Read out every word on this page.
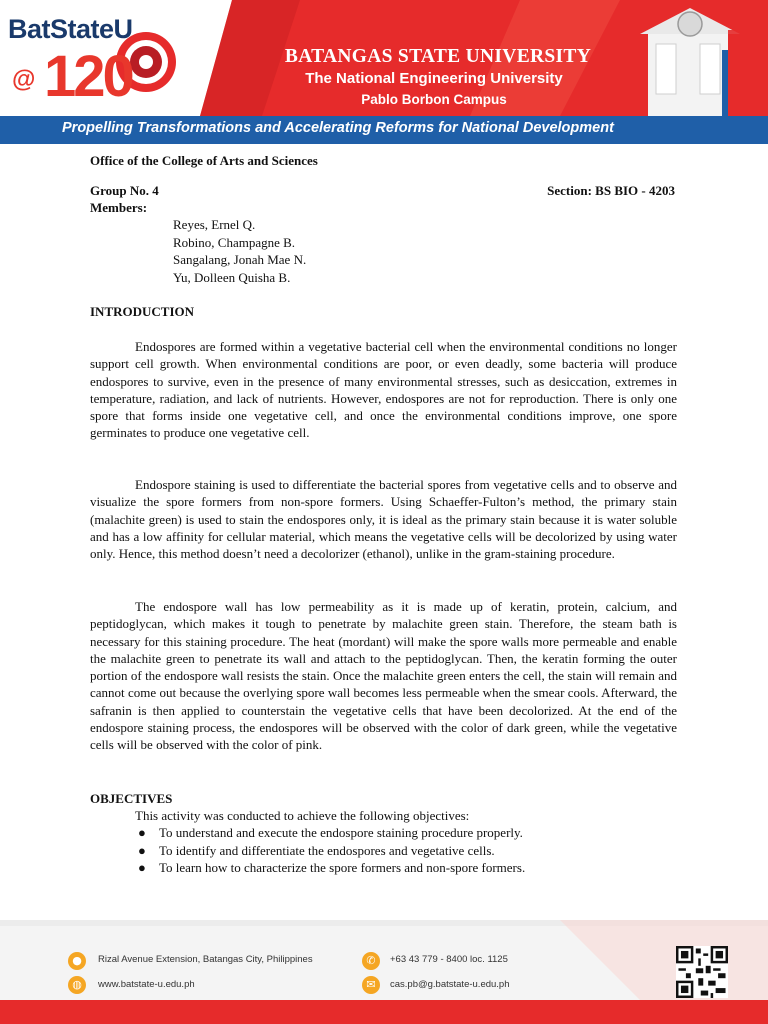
BatStateU
@ 120	BATANGAS STATE UNIVERSITY
The National Engineering University
Pablo Borbon Campus
Propelling Transformations and Accelerating Reforms for National Development
Office of the College of Arts and Sciences
Group No. 4	Section: BS BIO - 4203
Members:
Reyes, Ernel Q.
Robino, Champagne B.
Sangalang, Jonah Mae N.
Yu, Dolleen Quisha B.
INTRODUCTION

Endospores are formed within a vegetative bacterial cell when the environmental conditions no longer support cell growth. When environmental conditions are poor, or even deadly, some bacteria will produce endospores to survive, even in the presence of many environmental stresses, such as desiccation, extremes in temperature, radiation, and lack of nutrients. However, endospores are not for reproduction. There is only one spore that forms inside one vegetative cell, and once the environmental conditions improve, one spore germinates to produce one vegetative cell.

Endospore staining is used to differentiate the bacterial spores from vegetative cells and to observe and visualize the spore formers from non-spore formers. Using Schaeffer-Fulton’s method, the primary stain (malachite green) is used to stain the endospores only, it is ideal as the primary stain because it is water soluble and has a low affinity for cellular material, which means the vegetative cells will be decolorized by using water only. Hence, this method doesn’t need a decolorizer (ethanol), unlike in the gram-staining procedure.

The endospore wall has low permeability as it is made up of keratin, protein, calcium, and peptidoglycan, which makes it tough to penetrate by malachite green stain. Therefore, the steam bath is necessary for this staining procedure. The heat (mordant) will make the spore walls more permeable and enable the malachite green to penetrate its wall and attach to the peptidoglycan. Then, the keratin forming the outer portion of the endospore wall resists the stain. Once the malachite green enters the cell, the stain will remain and cannot come out because the overlying spore wall becomes less permeable when the smear cools. Afterward, the safranin is then applied to counterstain the vegetative cells that have been decolorized. At the end of the endospore staining process, the endospores will be observed with the color of dark green, while the vegetative cells will be observed with the color of pink.

OBJECTIVES
This activity was conducted to achieve the following objectives:
● To understand and execute the endospore staining procedure properly.
● To identify and differentiate the endospores and vegetative cells.
● To learn how to characterize the spore formers and non-spore formers.
●	Rizal Avenue Extension, Batangas City, Philippines
◍	www.batstate-u.edu.ph
✆	+63 43 779 - 8400 loc. 1125
✉	cas.pb@g.batstate-u.edu.ph
